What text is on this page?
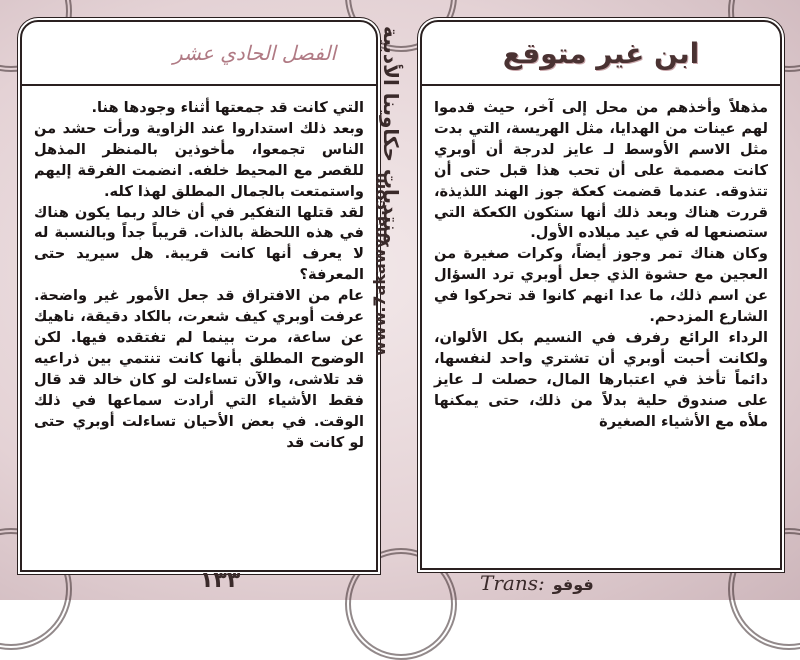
ابن غير متوقع

مذهلاً وأخذهم من محل إلى آخر، حيث قدموا لهم عينات من الهدايا، مثل الهريسة، التي بدت مثل الاسم الأوسط لـ عايز لدرجة أن أوبري كانت مصممة على أن تحب هذا قبل حتى أن تتذوقه. عندما قضمت كعكة جوز الهند اللذيذة، قررت هناك وبعد ذلك أنها ستكون الكعكة التي ستصنعها له في عيد ميلاده الأول.

وكان هناك تمر وجوز أيضاً، وكرات صغيرة من العجين مع حشوة الذي جعل أوبري ترد السؤال عن اسم ذلك، ما عدا انهم كانوا قد تحركوا في الشارع المزدحم.

الرداء الرائع رفرف في النسيم بكل الألوان، ولكانت أحبت أوبري أن تشتري واحد لنفسها، دائماً تأخذ في اعتبارها المال، حصلت لـ عايز على صندوق حلية بدلاً من ذلك، حتى يمكنها ملأه مع الأشياء الصغيرة

الفصل الحادي عشر

التي كانت قد جمعتها أثناء وجودها هنا.

وبعد ذلك استداروا عند الزاوية ورأت حشد من الناس تجمعوا، مأخوذين بالمنظر المذهل للقصر مع المحيط خلفه. انضمت الفرقة إليهم واستمتعت بالجمال المطلق لهذا كله.

لقد قتلها التفكير في أن خالد ربما يكون هناك في هذه اللحظة بالذات. قريباً جداً وبالنسبة له لا يعرف أنها كانت قريبة. هل سيريد حتى المعرفة؟

عام من الافتراق قد جعل الأمور غير واضحة. عرفت أوبري كيف شعرت، بالكاد دقيقة، ناهيك عن ساعة، مرت بينما لم تفتقده فيها. لكن الوضوح المطلق بأنها كانت تنتمي بين ذراعيه قد تلاشى، والآن تساءلت لو كان خالد قد قال فقط الأشياء التي أرادت سماعها في ذلك الوقت. في بعض الأحيان تساءلت أوبري حتى لو كانت قد

منتديات حكاوينا الأدبية
www.7akawyna.com
١٣٣	Trans: فوفو
